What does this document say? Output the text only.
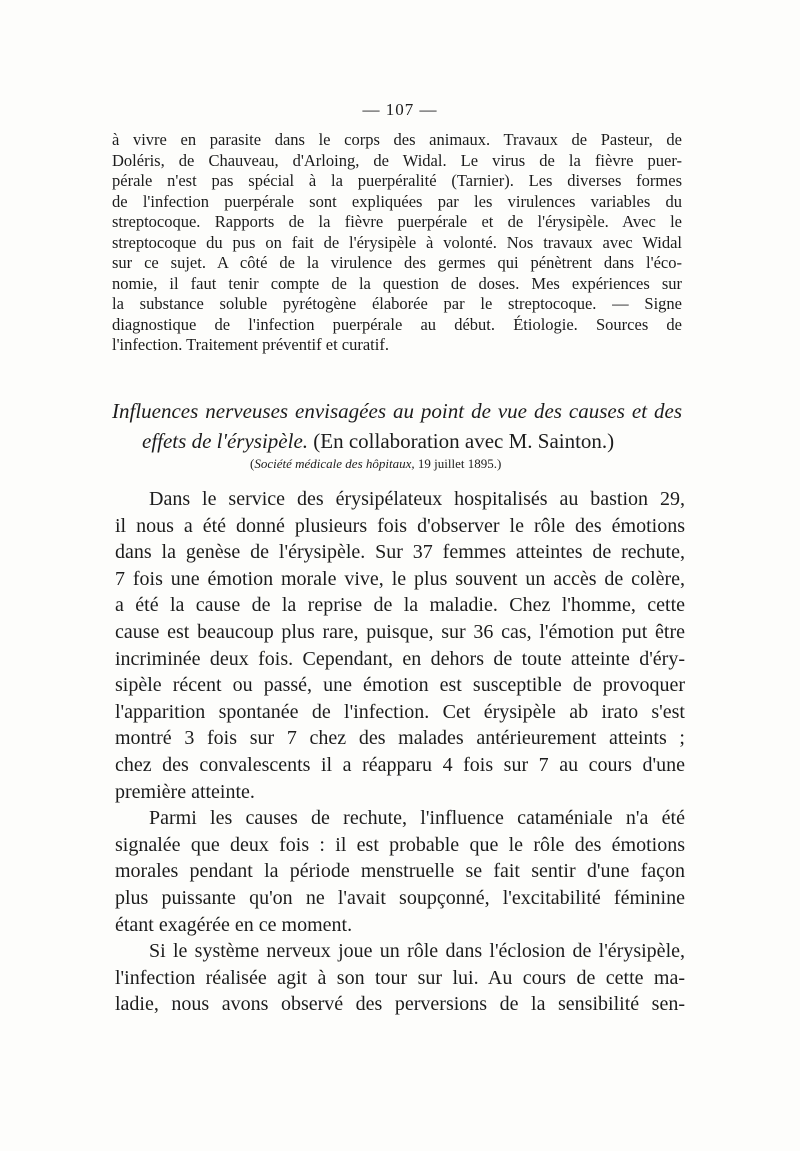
— 107 —
à vivre en parasite dans le corps des animaux. Travaux de Pasteur, de
Doléris, de Chauveau, d'Arloing, de Widal. Le virus de la fièvre puer-
pérale n'est pas spécial à la puerpéralité (Tarnier). Les diverses formes
de l'infection puerpérale sont expliquées par les virulences variables du
streptocoque. Rapports de la fièvre puerpérale et de l'érysipèle. Avec le
streptocoque du pus on fait de l'érysipèle à volonté. Nos travaux avec Widal
sur ce sujet. A côté de la virulence des germes qui pénètrent dans l'éco-
nomie, il faut tenir compte de la question de doses. Mes expériences sur
la substance soluble pyrétogène élaborée par le streptocoque. — Signe
diagnostique de l'infection puerpérale au début. Étiologie. Sources de
l'infection. Traitement préventif et curatif.
Influences nerveuses envisagées au point de vue des causes et des
effets de l'érysipèle. (En collaboration avec M. Sainton.)
(Société médicale des hôpitaux, 19 juillet 1895.)
Dans le service des érysipélateux hospitalisés au bastion 29,
il nous a été donné plusieurs fois d'observer le rôle des émotions
dans la genèse de l'érysipèle. Sur 37 femmes atteintes de rechute,
7 fois une émotion morale vive, le plus souvent un accès de colère,
a été la cause de la reprise de la maladie. Chez l'homme, cette
cause est beaucoup plus rare, puisque, sur 36 cas, l'émotion put être
incriminée deux fois. Cependant, en dehors de toute atteinte d'éry-
sipèle récent ou passé, une émotion est susceptible de provoquer
l'apparition spontanée de l'infection. Cet érysipèle ab irato s'est
montré 3 fois sur 7 chez des malades antérieurement atteints ;
chez des convalescents il a réapparu 4 fois sur 7 au cours d'une
première atteinte.
Parmi les causes de rechute, l'influence cataméniale n'a été
signalée que deux fois : il est probable que le rôle des émotions
morales pendant la période menstruelle se fait sentir d'une façon
plus puissante qu'on ne l'avait soupçonné, l'excitabilité féminine
étant exagérée en ce moment.
Si le système nerveux joue un rôle dans l'éclosion de l'érysipèle,
l'infection réalisée agit à son tour sur lui. Au cours de cette ma-
ladie, nous avons observé des perversions de la sensibilité sen-
